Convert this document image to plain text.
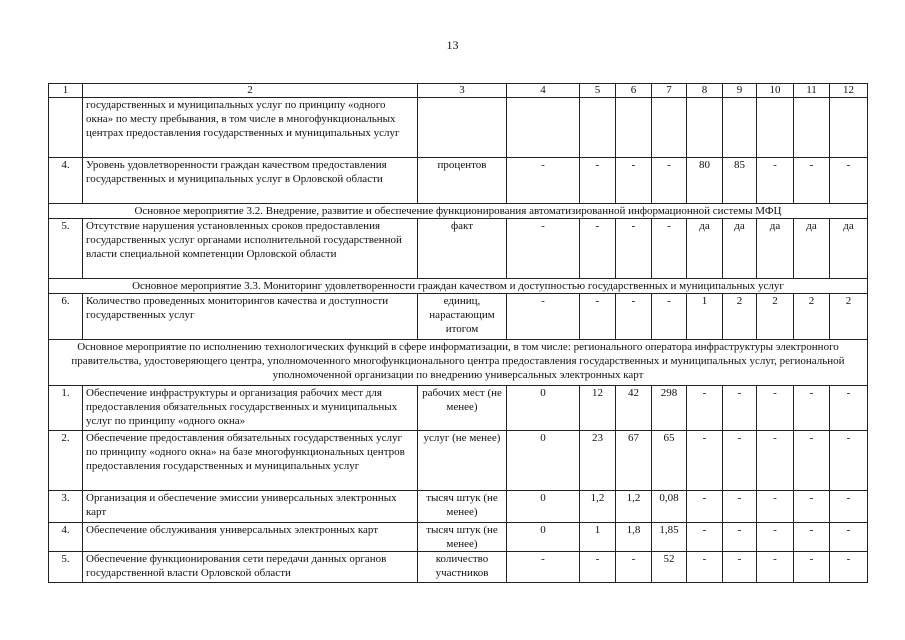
13
1	2	3	4	5	6	7	8	9	10	11	12
	государственных и муниципальных услуг по принципу «одного окна» по месту пребывания, в том числе в многофункциональных центрах предоставления государственных и муниципальных услуг										
4.	Уровень удовлетворенности граждан качеством предоставления государственных и муниципальных услуг в Орловской области	процентов	-	-	-	-	80	85	-	-	-
Основное мероприятие 3.2. Внедрение, развитие и обеспечение функционирования автоматизированной информационной системы МФЦ											
5.	Отсутствие нарушения установленных сроков предоставления государственных услуг органами исполнительной государственной власти специальной компетенции Орловской области	факт	-	-	-	-	да	да	да	да	да
Основное мероприятие 3.3. Мониторинг удовлетворенности граждан качеством и доступностью государственных и муниципальных услуг											
6.	Количество проведенных мониторингов качества и доступности государственных услуг	единиц, нарастающим итогом	-	-	-	-	1	2	2	2	2
Основное мероприятие по исполнению технологических функций в сфере информатизации, в том числе: регионального оператора инфраструктуры электронного правительства, удостоверяющего центра, уполномоченного многофункционального центра предоставления государственных и муниципальных услуг, региональной уполномоченной организации по внедрению универсальных электронных карт											
1.	Обеспечение инфраструктуры и организация рабочих мест для предоставления обязательных государственных и муниципальных услуг по принципу «одного окна»	рабочих мест (не менее)	0	12	42	298	-	-	-	-	-
2.	Обеспечение предоставления обязательных государственных услуг по принципу «одного окна» на базе многофункциональных центров предоставления государственных и муниципальных услуг	услуг (не менее)	0	23	67	65	-	-	-	-	-
3.	Организация и обеспечение эмиссии универсальных электронных карт	тысяч штук (не менее)	0	1,2	1,2	0,08	-	-	-	-	-
4.	Обеспечение обслуживания универсальных электронных карт	тысяч штук (не менее)	0	1	1,8	1,85	-	-	-	-	-
5.	Обеспечение функционирования сети передачи данных органов государственной власти Орловской области	количество участников	-	-	-	52	-	-	-	-	-
